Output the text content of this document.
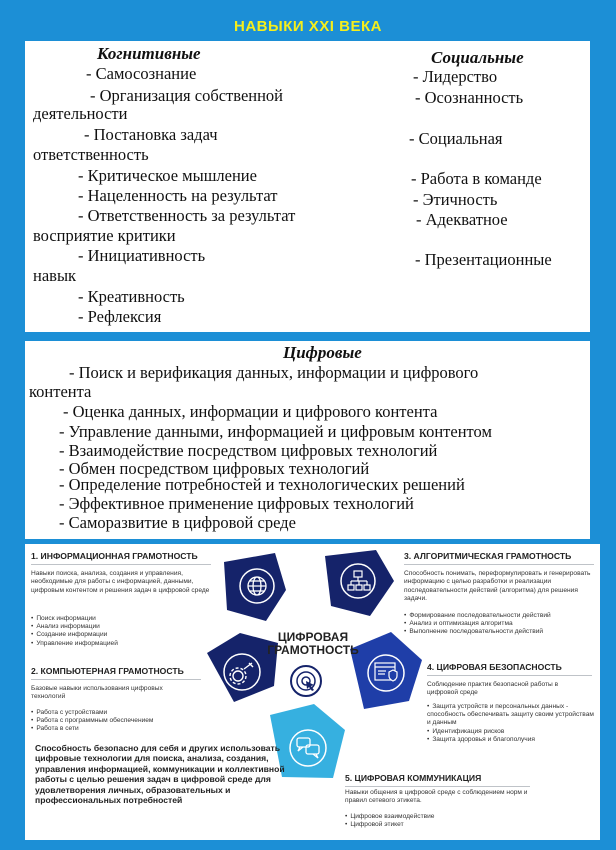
НАВЫКИ XXI ВЕКА
Когнитивные
- Самосознание
- Организация собственной
деятельности
- Постановка задач
ответственность
- Критическое мышление
- Нацеленность на результат
- Ответственность за результат
восприятие критики
- Инициативность
навык
- Креативность
- Рефлексия
Социальные
- Лидерство
- Осознанность
- Социальная
- Работа в команде
- Этичность
- Адекватное
- Презентационные
Цифровые
- Поиск и верификация данных, информации и цифрового
контента
- Оценка данных, информации и цифрового контента
- Управление данными, информацией и цифровым контентом
- Взаимодействие посредством цифровых технологий
- Обмен посредством цифровых технологий
- Определение потребностей и технологических решений
- Эффективное применение цифровых технологий
- Саморазвитие в цифровой среде
1. ИНФОРМАЦИОННАЯ ГРАМОТНОСТЬ
Навыки поиска, анализа, создания и управления, необходимые для работы с информацией, данными, цифровым контентом и решения задач в цифровой среде
• Поиск информации
• Анализ информации
• Создание информации
• Управление информацией
2. КОМПЬЮТЕРНАЯ ГРАМОТНОСТЬ
Базовые навыки использования цифровых технологий
• Работа с устройствами
• Работа с программным обеспечением
• Работа в сети
3. АЛГОРИТМИЧЕСКАЯ ГРАМОТНОСТЬ
Способность понимать, переформулировать и генерировать информацию с целью разработки и реализации последовательности действий (алгоритма) для решения задачи.
• Формирование последовательности действий
• Анализ и оптимизация алгоритма
• Выполнение последовательности действий
ЦИФРОВАЯ ГРАМОТНОСТЬ
4. ЦИФРОВАЯ БЕЗОПАСНОСТЬ
Соблюдение практик безопасной работы в цифровой среде
• Защита устройств и персональных данных - способность обеспечивать защиту своим устройствам и данным
• Идентификация рисков
• Защита здоровья и благополучия
5. ЦИФРОВАЯ КОММУНИКАЦИЯ
Навыки общения в цифровой среде с соблюдением норм и правил сетевого этикета.
• Цифровое взаимодействие
• Цифровой этикет
Способность безопасно для себя и других использовать цифровые технологии для поиска, анализа, создания, управления информацией, коммуникации и коллективной работы с целью решения задач в цифровой среде для удовлетворения личных, образовательных и профессиональных потребностей
